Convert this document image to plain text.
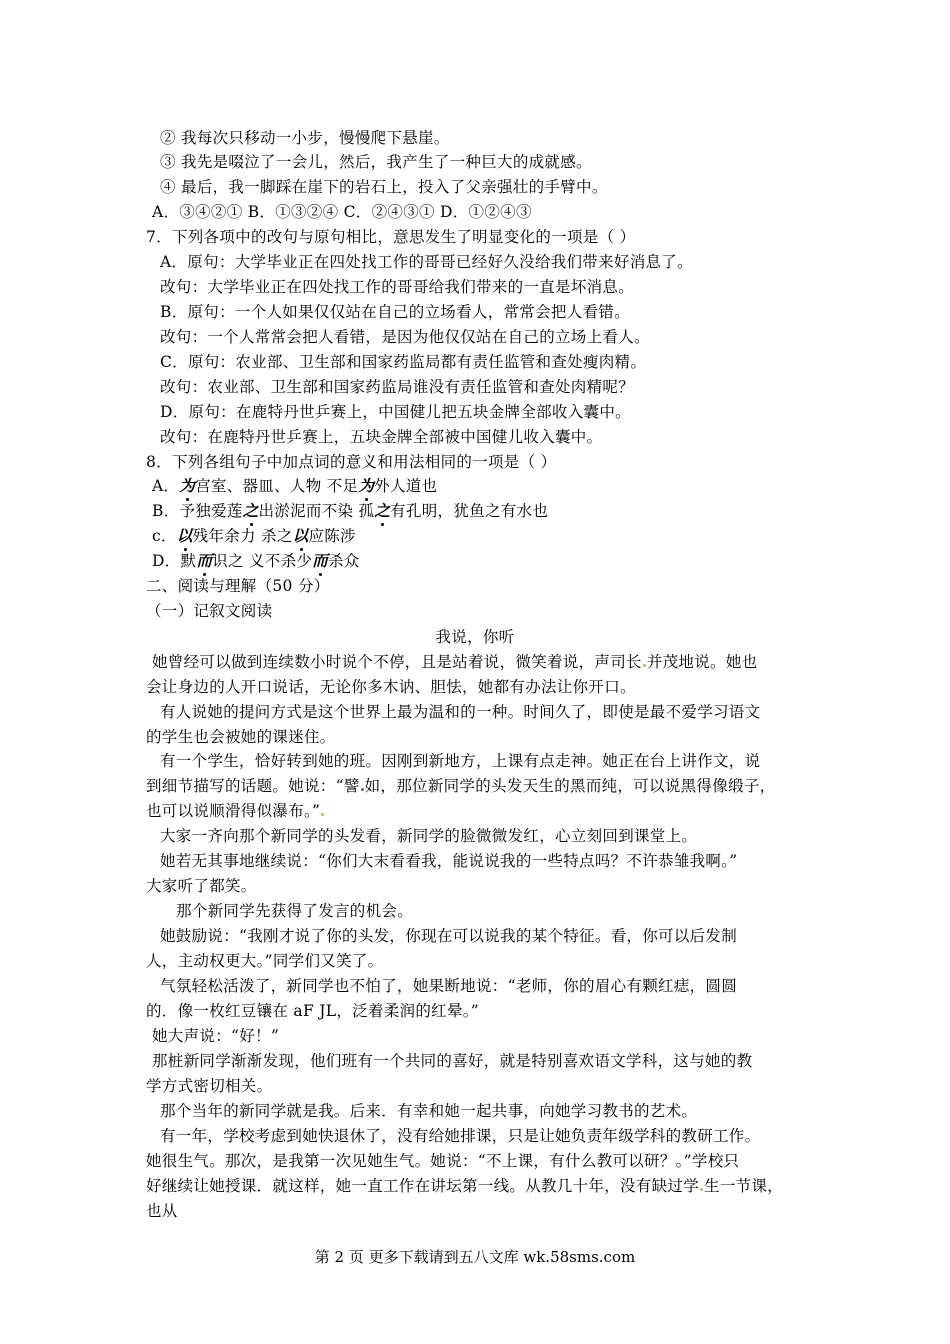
② 我每次只移动一小步，慢慢爬下悬崖。
③ 我先是啜泣了一会儿，然后，我产生了一种巨大的成就感。
④ 最后，我一脚踩在崖下的岩石上，投入了父亲强壮的手臂中。
A．③④②① B．①③②④ C．②④③① D．①②④③
7．下列各项中的改句与原句相比，意思发生了明显变化的一项是（ ）
A．原句：大学毕业正在四处找工作的哥哥已经好久没给我们带来好消息了。
改句：大学毕业正在四处找工作的哥哥给我们带来的一直是坏消息。
B．原句：一个人如果仅仅站在自己的立场看人，常常会把人看错。
改句：一个人常常会把人看错，是因为他仅仅站在自己的立场上看人。
C．原句：农业部、卫生部和国家药监局都有责任监管和查处瘦肉精。
改句：农业部、卫生部和国家药监局谁没有责任监管和查处肉精呢？
D．原句：在鹿特丹世乒赛上，中国健儿把五块金牌全部收入囊中。
改句：在鹿特丹世乒赛上，五块金牌全部被中国健儿收入囊中。
8．下列各组句子中加点词的意义和用法相同的一项是（ ）
A．为宫室、器皿、人物 不足为外人道也
B．予独爱莲之出淤泥而不染 孤之有孔明，犹鱼之有水也
c．以残年余力 杀之以应陈涉
D．默而识之 义不杀少而杀众
二、阅读与理解（50 分）
（一）记叙文阅读
我说，你听
她曾经可以做到连续数小时说个不停，且是站着说，微笑着说，声司长 并茂地说。她也
会让身边的人开口说话，无论你多木讷、胆怯，她都有办法让你开口。
有人说她的提问方式是这个世界上最为温和的一种。时间久了，即使是最不爱学习语文
的学生也会被她的课迷住。
有一个学生，恰好转到她的班。因刚到新地方，上课有点走神。她正在台上讲作文，说
到细节描写的话题。她说：“譬 如，那位新同学的头发天生的黑而纯，可以说黑得像缎子，
也可以说顺滑得似瀑布。”
大家一齐向那个新同学的头发看，新同学的脸微微发红，心立刻回到课堂上。
她若无其事地继续说：“你们大末看看我，能说说我的一些特点吗？不许恭雏我啊。”
大家听了都笑。
那个新同学先获得了发言的机会。
她鼓励说：“我刚才说了你的头发，你现在可以说我的某个特征。看，你可以后发制
人，主动权更大。”同学们又笑了。
气氛轻松活泼了，新同学也不怕了，她果断地说：“老师，你的眉心有颗红痣，圆圆
的．像一枚红豆镶在 aF JL，泛着柔润的红晕。”
她大声说：“好！”
那桩新同学渐渐发现，他们班有一个共同的喜好，就是特别喜欢语文学科，这与她的教
学方式密切相关。
那个当年的新同学就是我。后来．有幸和她一起共事，向她学习教书的艺术。
有一年，学校考虑到她快退休了，没有给她排课，只是让她负责年级学科的教研工作。
她很生气。那次，是我第一次见她生气。她说：“不上课，有什么教可以研？。”学校只
好继续让她授课．就这样，她一直工作在讲坛第一线。从教几十年，没有缺过学 生一节课，
也从
第 2 页 更多下载请到五八文库 wk.58sms.com
